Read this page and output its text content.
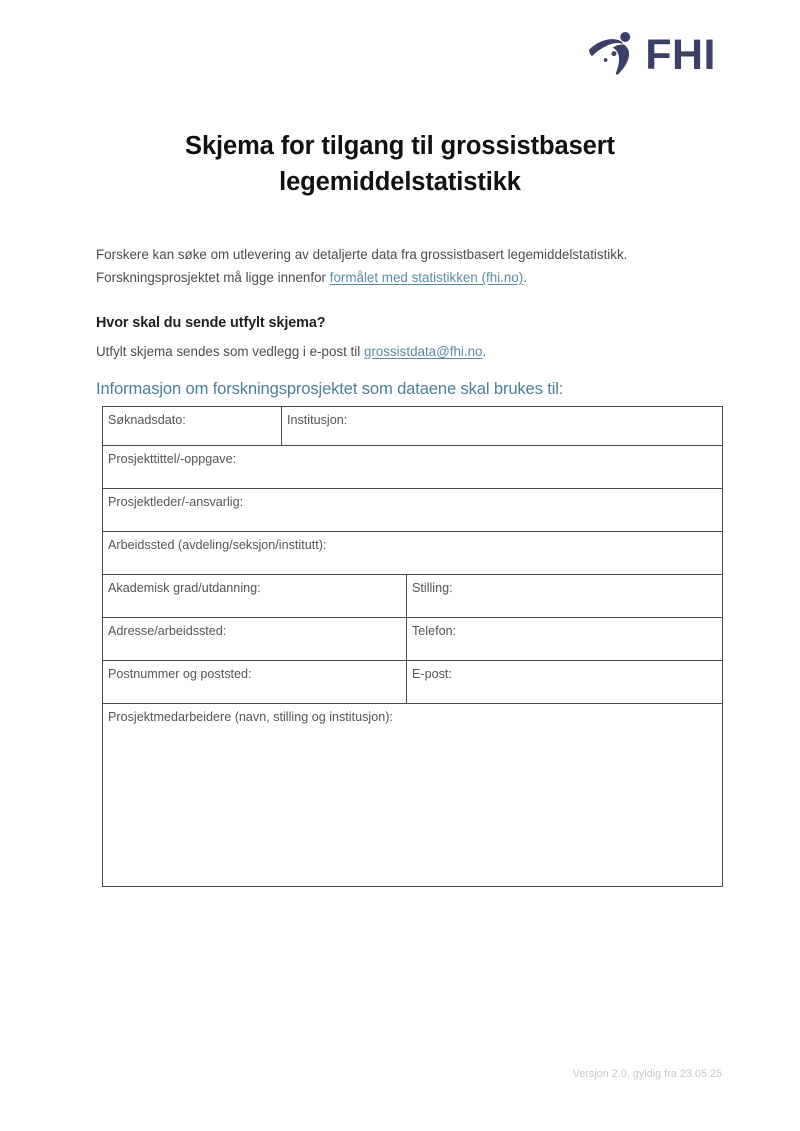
FHI
Skjema for tilgang til grossistbasert
legemiddelstatistikk
Forskere kan søke om utlevering av detaljerte data fra grossistbasert legemiddelstatistikk.
Forskningsprosjektet må ligge innenfor formålet med statistikken (fhi.no).
Hvor skal du sende utfylt skjema?
Utfylt skjema sendes som vedlegg i e-post til grossistdata@fhi.no.
Informasjon om forskningsprosjektet som dataene skal brukes til:
Søknadsdato:	Institusjon:	
Prosjekttittel/-oppgave:		
Prosjektleder/-ansvarlig:		
Arbeidssted (avdeling/seksjon/institutt):		
Akademisk grad/utdanning:		Stilling:
Adresse/arbeidssted:		Telefon:
Postnummer og poststed:		E-post:
Prosjektmedarbeidere (navn, stilling og institusjon):		
Versjon 2.0, gyldig fra 23.05.25
